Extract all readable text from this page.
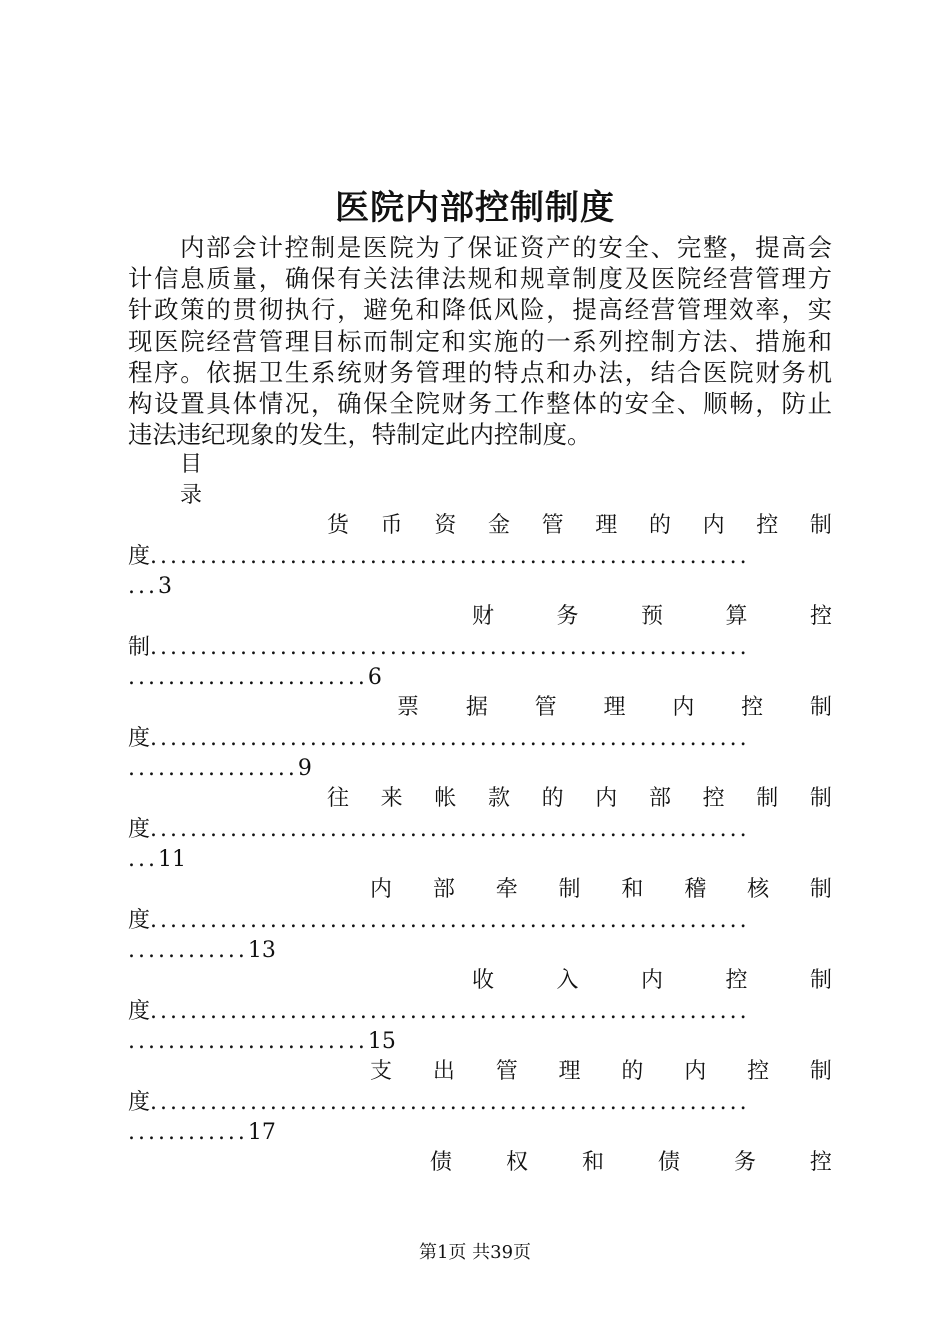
医院内部控制制度
内部会计控制是医院为了保证资产的安全、完整，提高会
计信息质量，确保有关法律法规和规章制度及医院经营管理方
针政策的贯彻执行，避免和降低风险，提高经营管理效率，实
现医院经营管理目标而制定和实施的一系列控制方法、措施和
程序。依据卫生系统财务管理的特点和办法，结合医院财务机
构设置具体情况，确保全院财务工作整体的安全、顺畅，防止
违法违纪现象的发生，特制定此内控制度。
目
录
货 币 资 金 管 理 的 内 控 制
度............................................................
...3
财	务	预	算	控
制............................................................
........................6
票 据 管 理 内 控 制
度............................................................
.................9
往 来 帐 款 的 内 部 控 制 制
度............................................................
...11
内 部 牵 制 和 稽 核 制
度............................................................
............13
收	入	内	控	制
度............................................................
........................15
支 出 管 理 的 内 控 制
度............................................................
............17
债 权 和 债 务 控
第1页 共39页
